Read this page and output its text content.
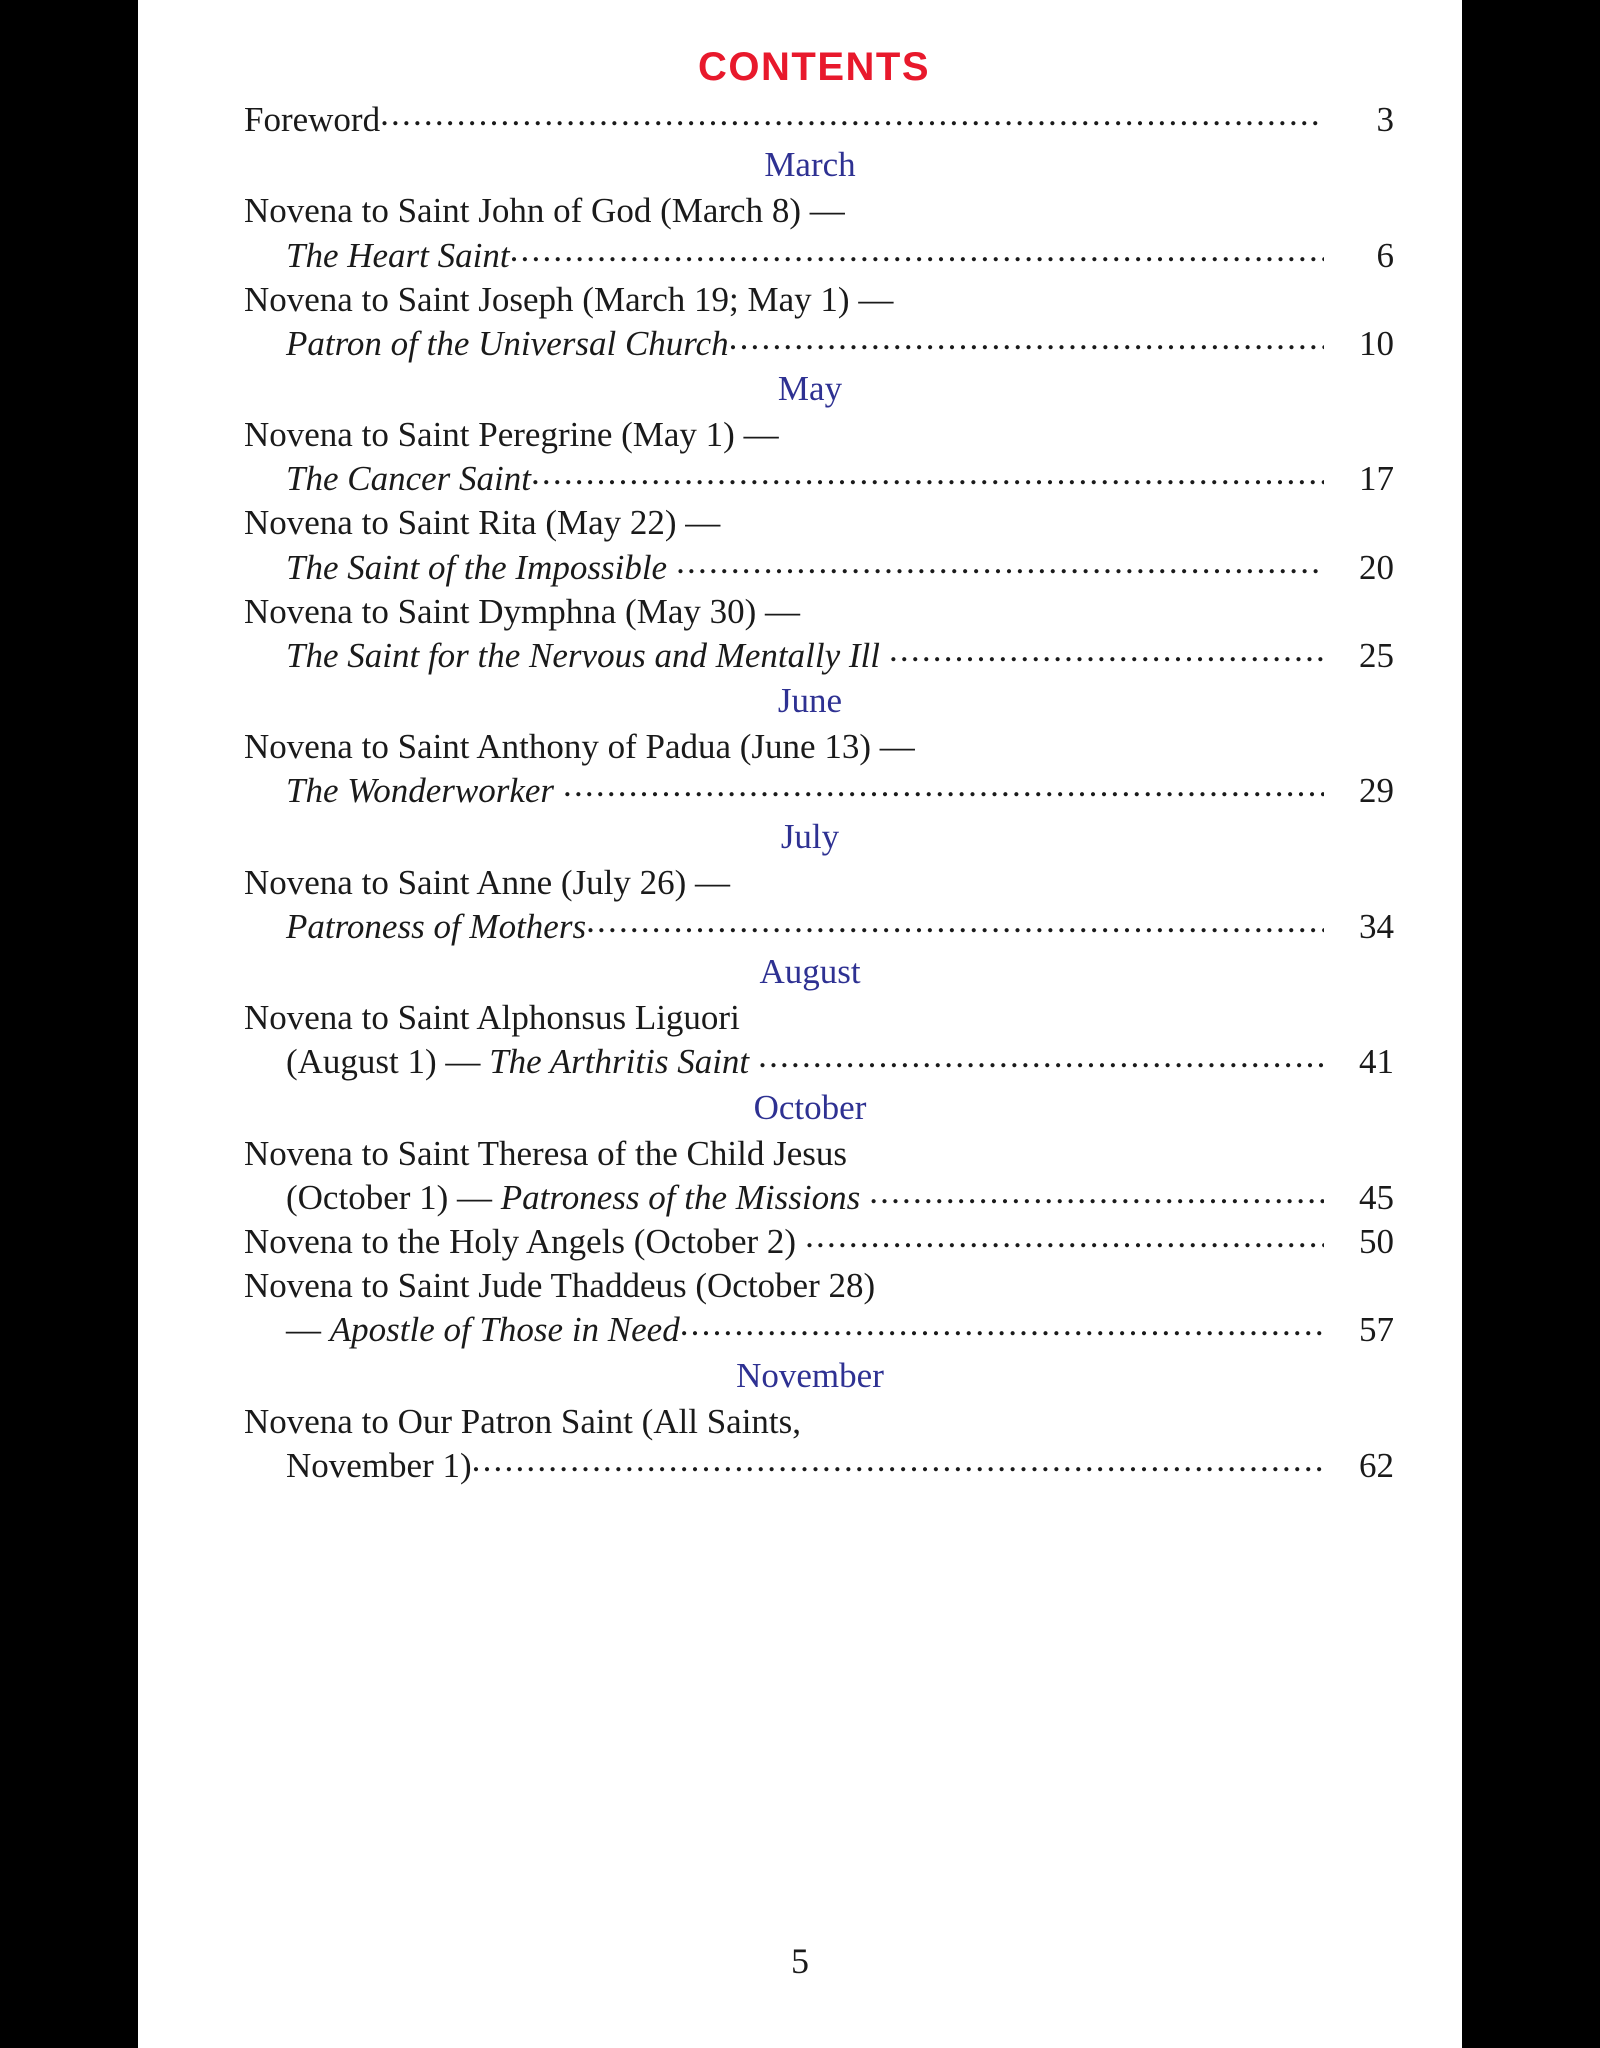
CONTENTS
Foreword .....	3
March
Novena to Saint John of God (March 8) —
The Heart Saint .....	6
Novena to Saint Joseph (March 19; May 1) —
Patron of the Universal Church .....	10
May
Novena to Saint Peregrine (May 1) —
The Cancer Saint .....	17
Novena to Saint Rita (May 22) —
The Saint of the Impossible .....	20
Novena to Saint Dymphna (May 30) —
The Saint for the Nervous and Mentally Ill .....	25
June
Novena to Saint Anthony of Padua (June 13) —
The Wonderworker .....	29
July
Novena to Saint Anne (July 26) —
Patroness of Mothers .....	34
August
Novena to Saint Alphonsus Liguori
(August 1) — The Arthritis Saint .....	41
October
Novena to Saint Theresa of the Child Jesus
(October 1) — Patroness of the Missions .....	45
Novena to the Holy Angels (October 2) .....	50
Novena to Saint Jude Thaddeus (October 28)
— Apostle of Those in Need .....	57
November
Novena to Our Patron Saint (All Saints,
November 1) .....	62
5
